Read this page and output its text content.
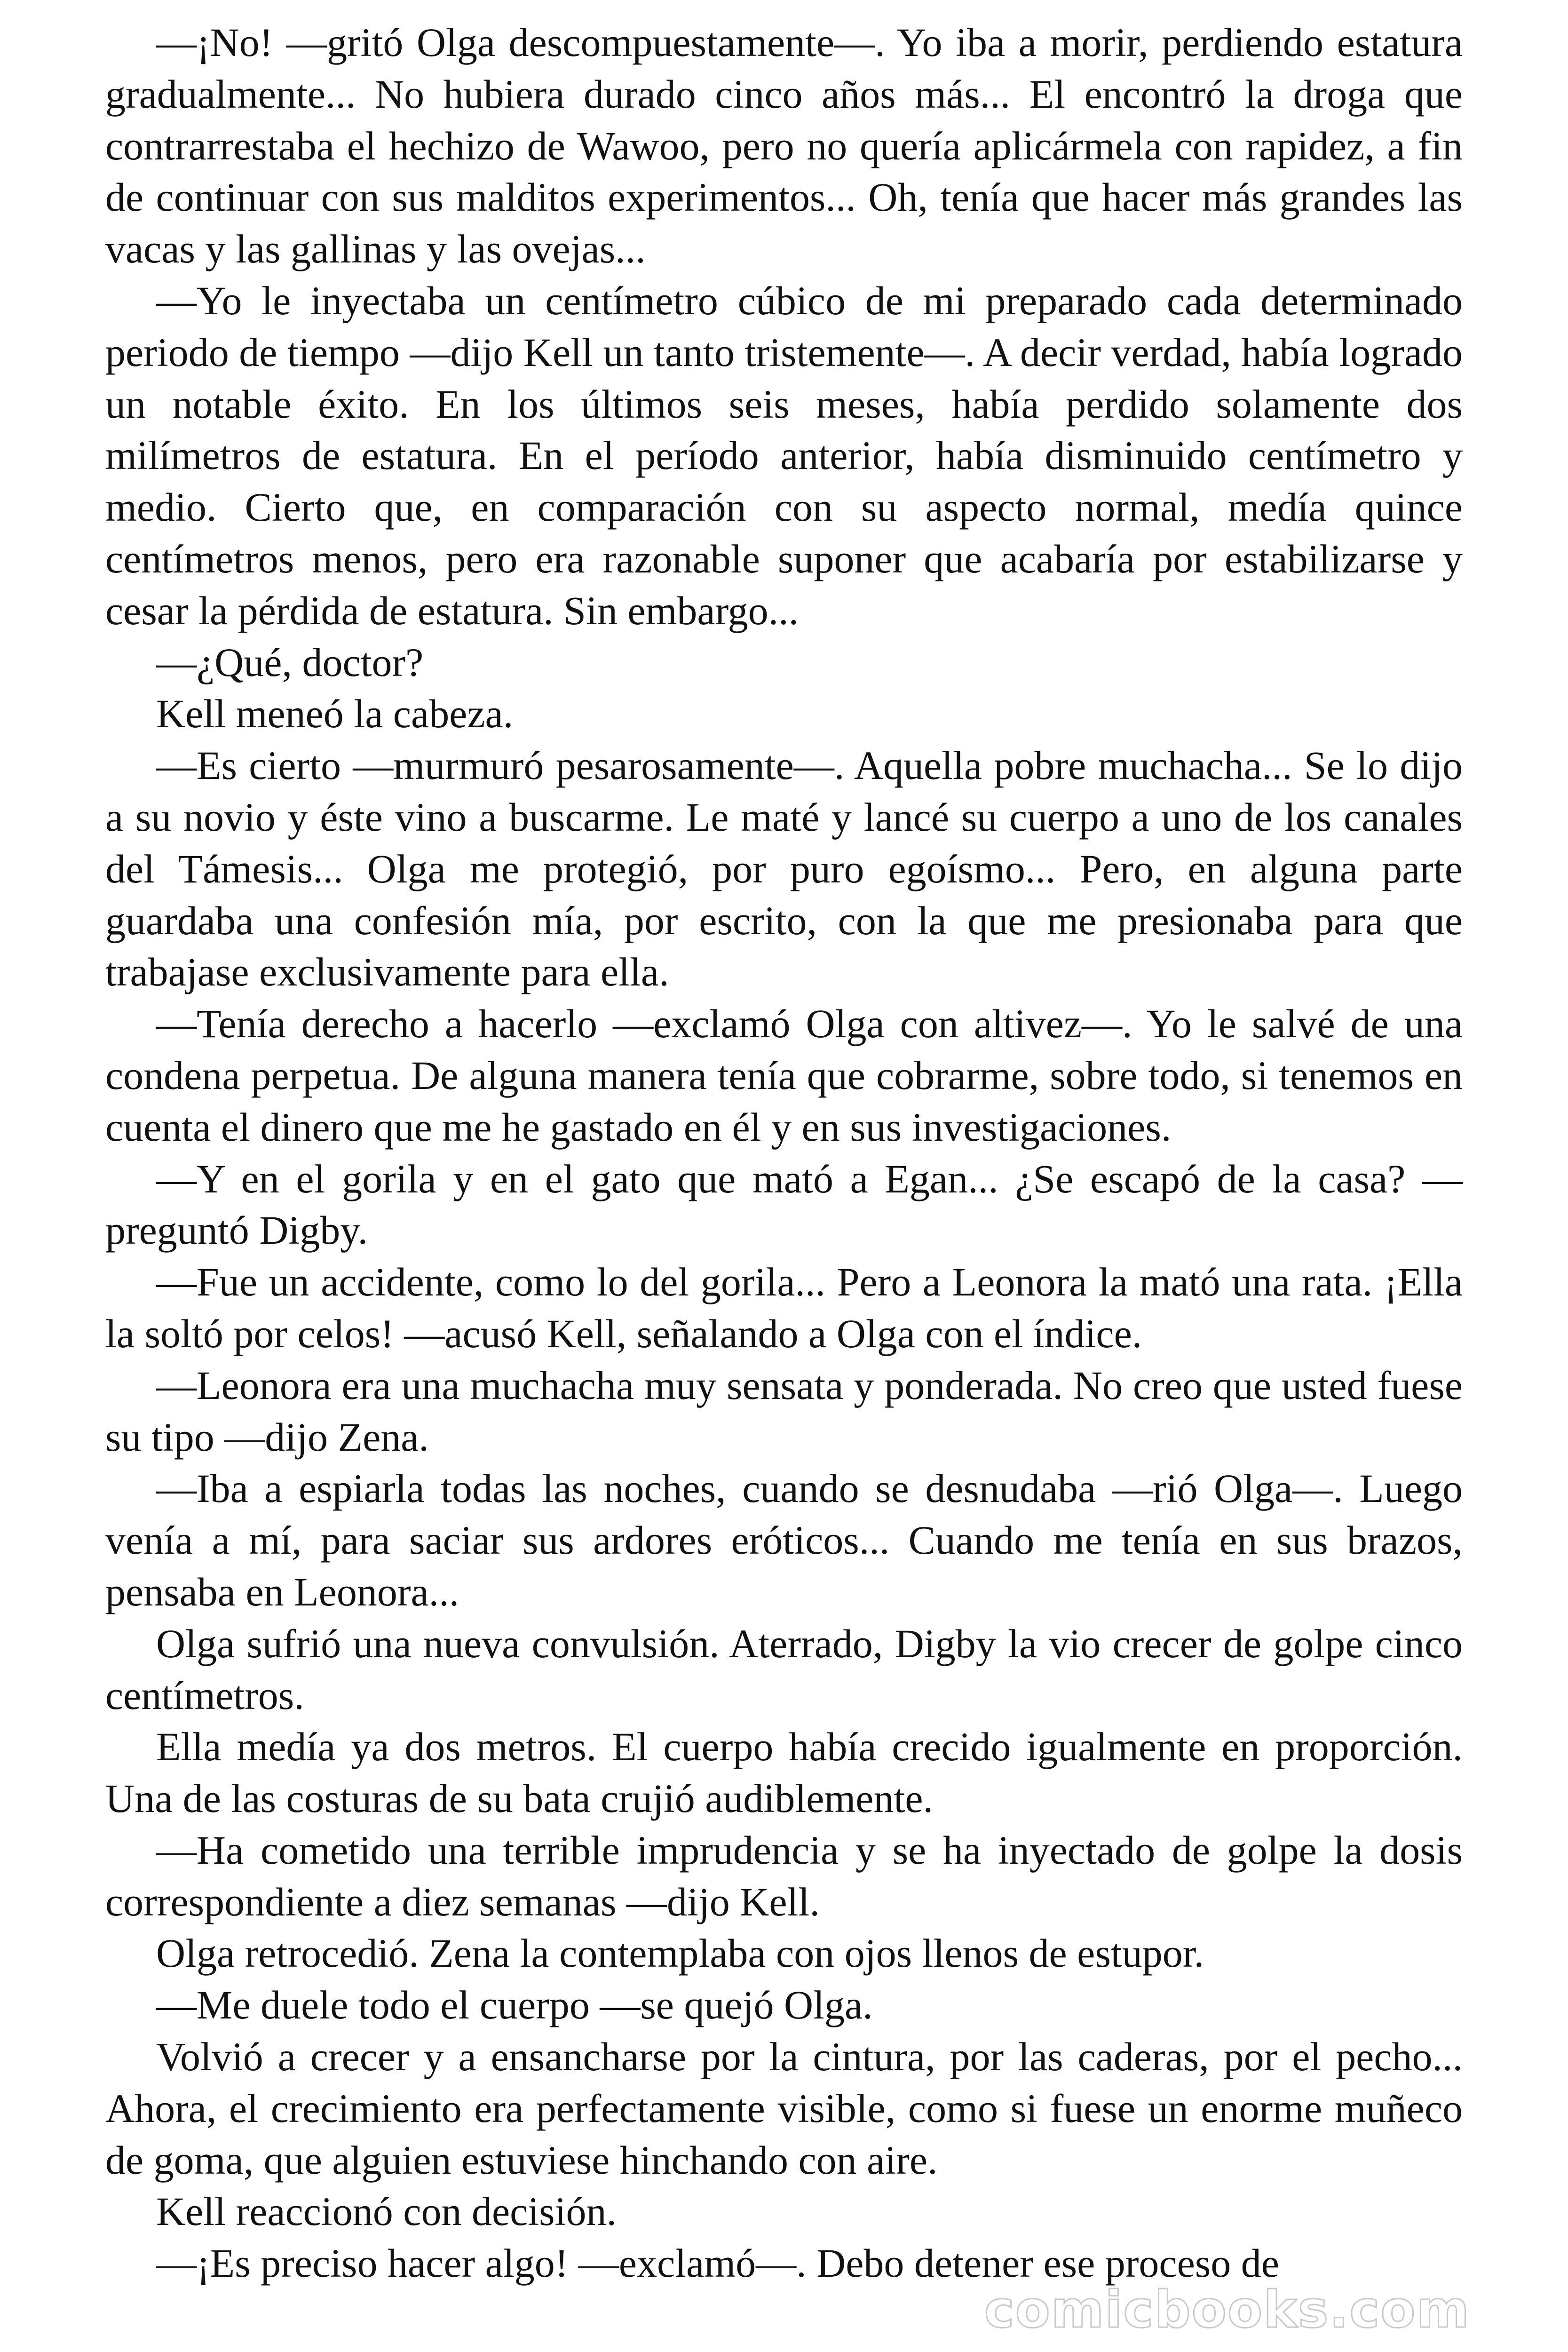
—¡No! —gritó Olga descompuestamente—. Yo iba a morir, perdiendo estatura gradualmente... No hubiera durado cinco años más... El encontró la droga que contrarrestaba el hechizo de Wawoo, pero no quería aplicármela con rapidez, a fin de continuar con sus malditos experimentos... Oh, tenía que hacer más grandes las vacas y las gallinas y las ovejas...

—Yo le inyectaba un centímetro cúbico de mi preparado cada determinado periodo de tiempo —dijo Kell un tanto tristemente—. A decir verdad, había logrado un notable éxito. En los últimos seis meses, había perdido solamente dos milímetros de estatura. En el período anterior, había disminuido centímetro y medio. Cierto que, en comparación con su aspecto normal, medía quince centímetros menos, pero era razonable suponer que acabaría por estabilizarse y cesar la pérdida de estatura. Sin embargo...

—¿Qué, doctor?

Kell meneó la cabeza.

—Es cierto —murmuró pesarosamente—. Aquella pobre muchacha... Se lo dijo a su novio y éste vino a buscarme. Le maté y lancé su cuerpo a uno de los canales del Támesis... Olga me protegió, por puro egoísmo... Pero, en alguna parte guardaba una confesión mía, por escrito, con la que me presionaba para que trabajase exclusivamente para ella.

—Tenía derecho a hacerlo —exclamó Olga con altivez—. Yo le salvé de una condena perpetua. De alguna manera tenía que cobrarme, sobre todo, si tenemos en cuenta el dinero que me he gastado en él y en sus investigaciones.

—Y en el gorila y en el gato que mató a Egan... ¿Se escapó de la casa? —preguntó Digby.

—Fue un accidente, como lo del gorila... Pero a Leonora la mató una rata. ¡Ella la soltó por celos! —acusó Kell, señalando a Olga con el índice.

—Leonora era una muchacha muy sensata y ponderada. No creo que usted fuese su tipo —dijo Zena.

—Iba a espiarla todas las noches, cuando se desnudaba —rió Olga—. Luego venía a mí, para saciar sus ardores eróticos... Cuando me tenía en sus brazos, pensaba en Leonora...

Olga sufrió una nueva convulsión. Aterrado, Digby la vio crecer de golpe cinco centímetros.

Ella medía ya dos metros. El cuerpo había crecido igualmente en proporción. Una de las costuras de su bata crujió audiblemente.

—Ha cometido una terrible imprudencia y se ha inyectado de golpe la dosis correspondiente a diez semanas —dijo Kell.

Olga retrocedió. Zena la contemplaba con ojos llenos de estupor.

—Me duele todo el cuerpo —se quejó Olga.

Volvió a crecer y a ensancharse por la cintura, por las caderas, por el pecho... Ahora, el crecimiento era perfectamente visible, como si fuese un enorme muñeco de goma, que alguien estuviese hinchando con aire.

Kell reaccionó con decisión.

—¡Es preciso hacer algo! —exclamó—. Debo detener ese proceso de

comicbooks.com
